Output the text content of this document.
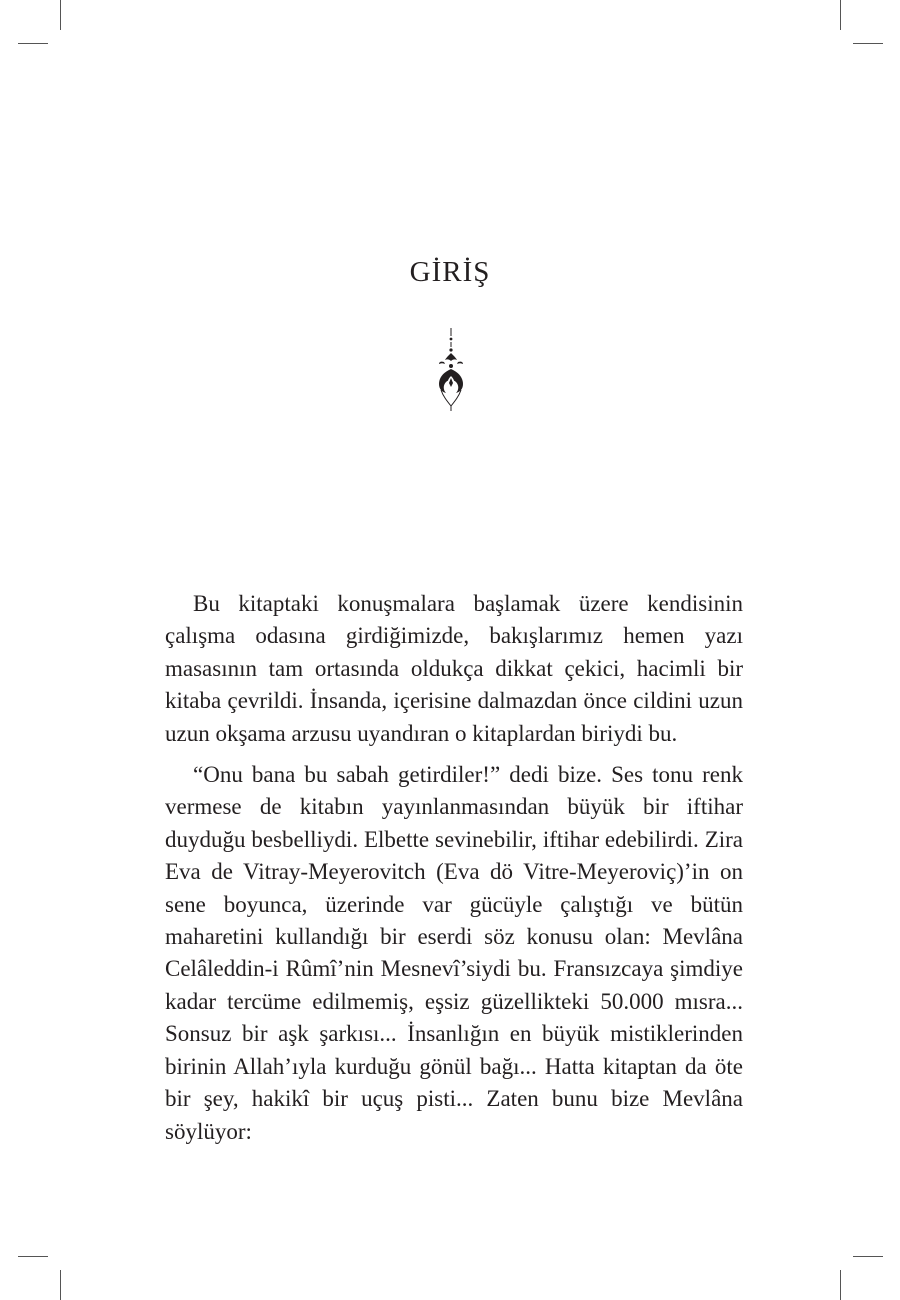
GİRİŞ

Bu kitaptaki konuşmalara başlamak üzere kendisinin çalışma odasına girdiğimizde, bakışlarımız hemen yazı masasının tam ortasında oldukça dikkat çekici, hacimli bir kitaba çevrildi. İnsanda, içerisine dalmazdan önce cildini uzun uzun okşama arzusu uyandıran o kitaplardan biriydi bu.

“Onu bana bu sabah getirdiler!” dedi bize. Ses tonu renk vermese de kitabın yayınlanmasından büyük bir iftihar duyduğu besbelliydi. Elbette sevinebilir, iftihar edebilirdi. Zira Eva de Vitray-Meyerovitch (Eva dö Vitre-Meyeroviç)’in on sene boyunca, üzerinde var gücüyle çalıştığı ve bütün maharetini kullandığı bir eserdi söz konusu olan: Mevlâna Celâleddin-i Rûmî’nin Mesnevî’siydi bu. Fransızcaya şimdiye kadar tercüme edilmemiş, eşsiz güzellikteki 50.000 mısra... Sonsuz bir aşk şarkısı... İnsanlığın en büyük mistiklerinden birinin Allah’ıyla kurduğu gönül bağı... Hatta kitaptan da öte bir şey, hakikî bir uçuş pisti... Zaten bunu bize Mevlâna söylüyor:
